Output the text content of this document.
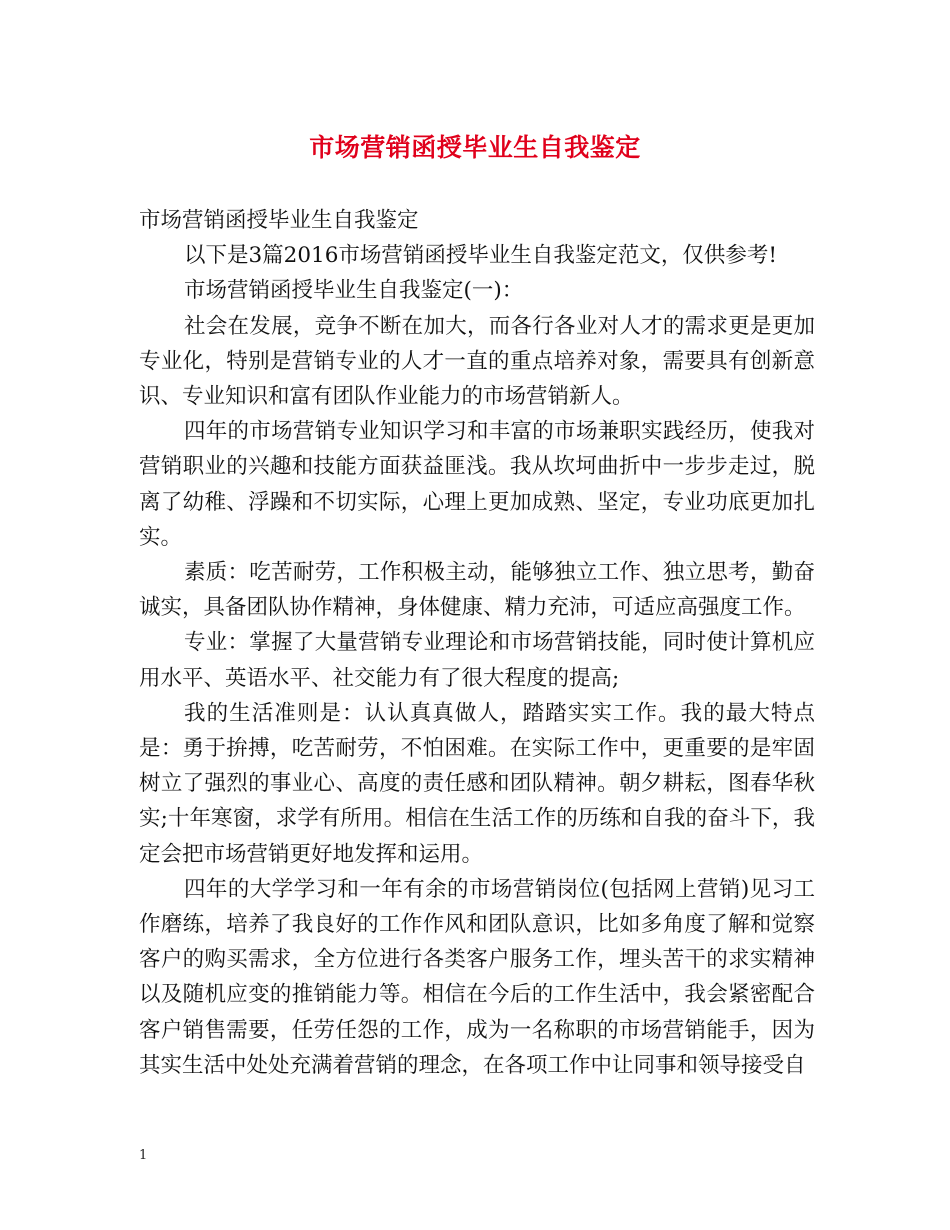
市场营销函授毕业生自我鉴定

市场营销函授毕业生自我鉴定

以下是3篇2016市场营销函授毕业生自我鉴定范文，仅供参考!

市场营销函授毕业生自我鉴定(一)：

社会在发展，竞争不断在加大，而各行各业对人才的需求更是更加专业化，特别是营销专业的人才一直的重点培养对象，需要具有创新意识、专业知识和富有团队作业能力的市场营销新人。

四年的市场营销专业知识学习和丰富的市场兼职实践经历，使我对营销职业的兴趣和技能方面获益匪浅。我从坎坷曲折中一步步走过，脱离了幼稚、浮躁和不切实际，心理上更加成熟、坚定，专业功底更加扎实。

素质：吃苦耐劳，工作积极主动，能够独立工作、独立思考，勤奋诚实，具备团队协作精神，身体健康、精力充沛，可适应高强度工作。

专业：掌握了大量营销专业理论和市场营销技能，同时使计算机应用水平、英语水平、社交能力有了很大程度的提高;

我的生活准则是：认认真真做人，踏踏实实工作。我的最大特点是：勇于拚搏，吃苦耐劳，不怕困难。在实际工作中，更重要的是牢固树立了强烈的事业心、高度的责任感和团队精神。朝夕耕耘，图春华秋实;十年寒窗，求学有所用。相信在生活工作的历练和自我的奋斗下，我定会把市场营销更好地发挥和运用。

四年的大学学习和一年有余的市场营销岗位(包括网上营销)见习工作磨练，培养了我良好的工作作风和团队意识，比如多角度了解和觉察客户的购买需求，全方位进行各类客户服务工作，埋头苦干的求实精神以及随机应变的推销能力等。相信在今后的工作生活中，我会紧密配合客户销售需要，任劳任怨的工作，成为一名称职的市场营销能手，因为其实生活中处处充满着营销的理念，在各项工作中让同事和领导接受自

1
